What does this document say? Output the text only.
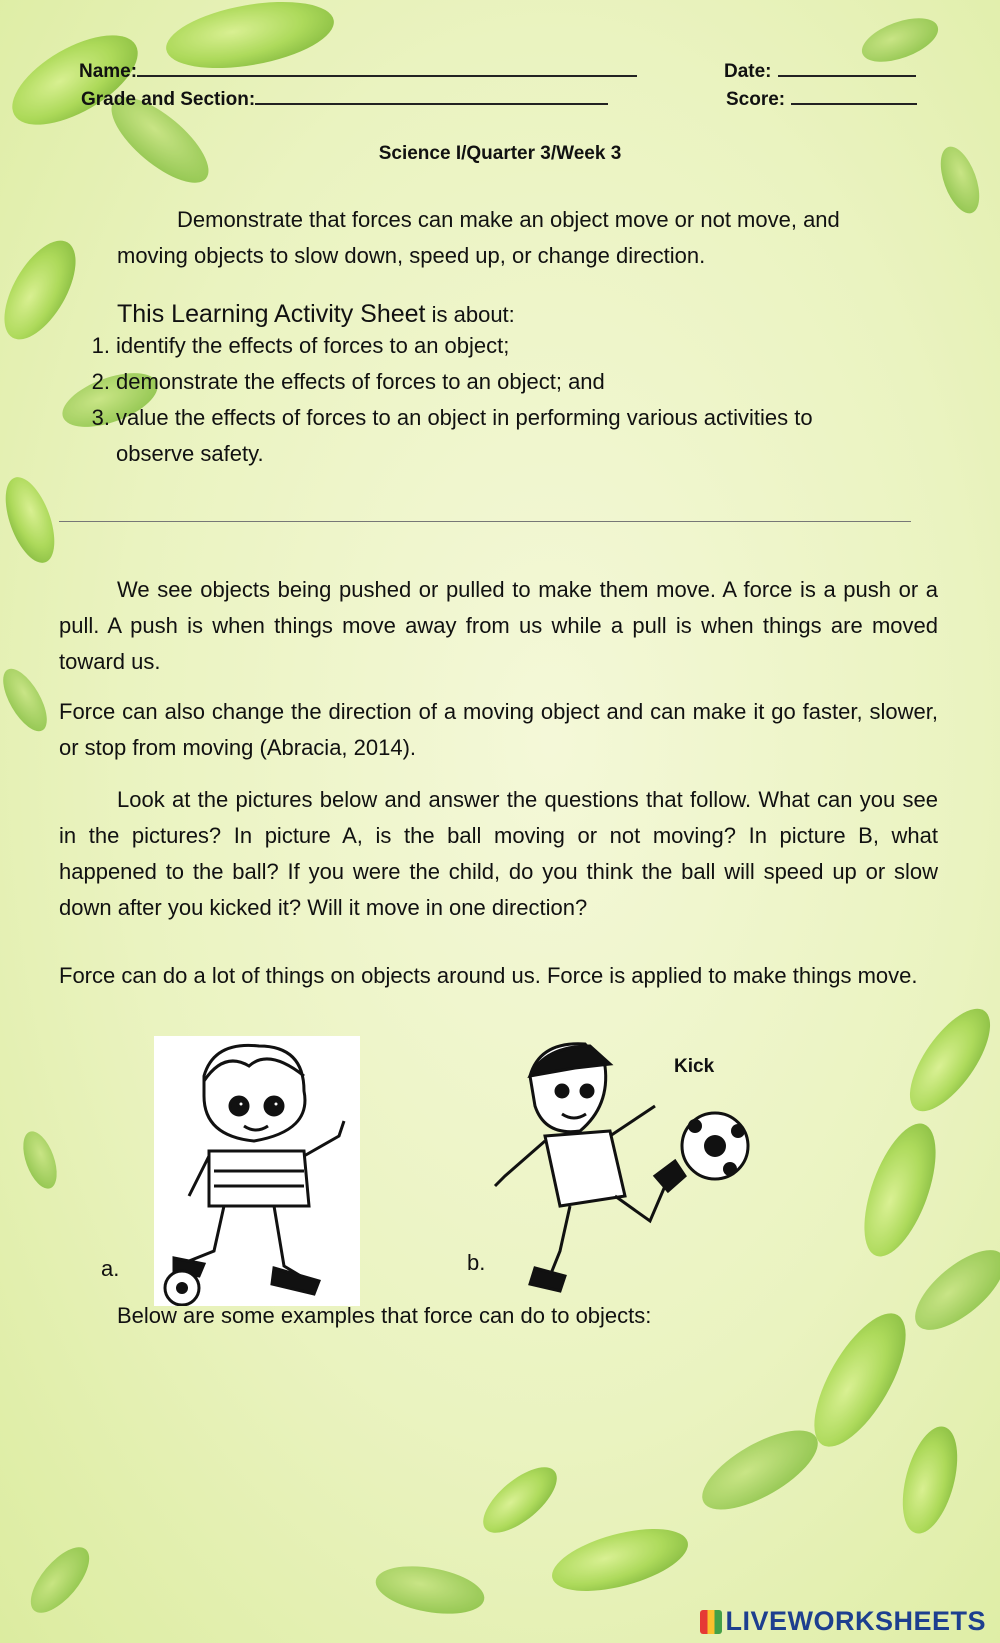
Name:
Grade and Section:
Date:
Score:
Science I/Quarter 3/Week 3
Demonstrate that forces can make an object move or not move, and moving objects to slow down, speed up, or change direction.
This Learning Activity Sheet is about:
1. identify the effects of forces to an object;
2. demonstrate the effects of forces to an object; and
3. value the effects of forces to an object in performing various activities to observe safety.
We see objects being pushed or pulled to make them move. A force is a push or a pull. A push is when things move away from us while a pull is when things are moved toward us.
Force can also change the direction of a moving object and can make it go faster, slower, or stop from moving (Abracia, 2014).
Look at the pictures below and answer the questions that follow. What can you see in the pictures? In picture A, is the ball moving or not moving? In picture B, what happened to the ball? If you were the child, do you think the ball will speed up or slow down after you kicked it? Will it move in one direction?
Force can do a lot of things on objects around us. Force is applied to make things move.
a.
Kick
b.
Below are some examples that force can do to objects:
LIVEWORKSHEETS
